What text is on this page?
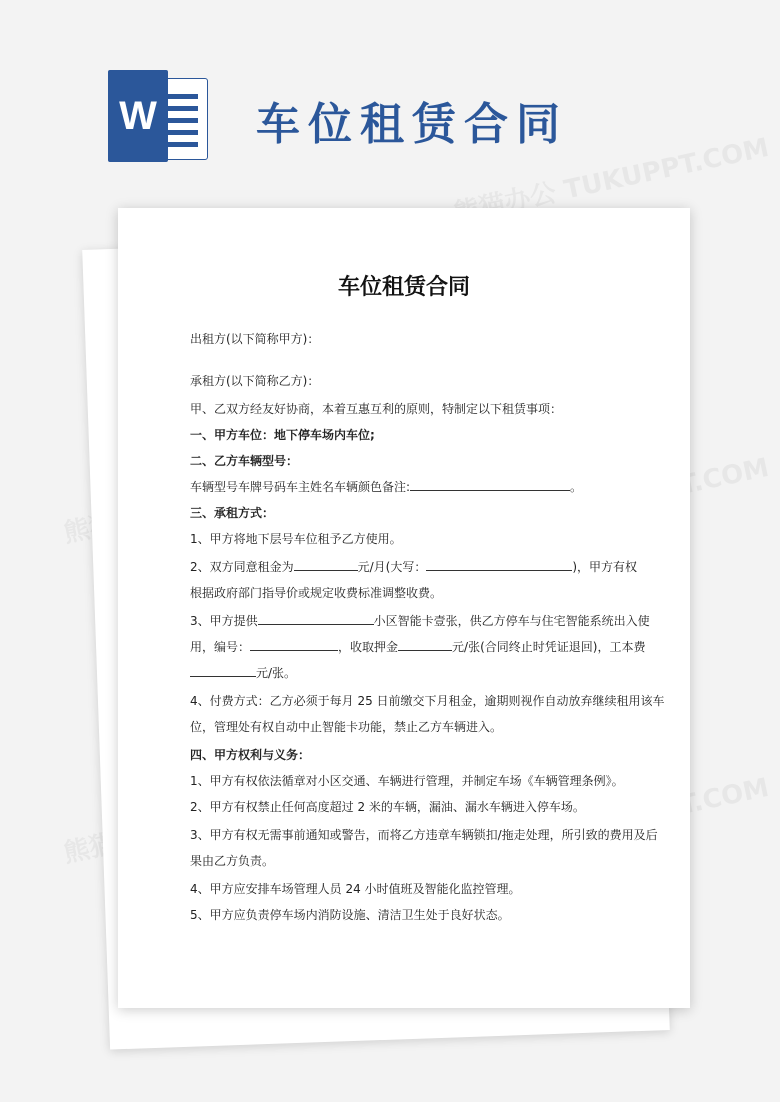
W 车位租赁合同
车位租赁合同
出租方(以下简称甲方)：
承租方(以下简称乙方)：
甲、乙双方经友好协商，本着互惠互利的原则，特制定以下租赁事项：
一、甲方车位：地下停车场内车位;
二、乙方车辆型号：
车辆型号车牌号码车主姓名车辆颜色备注:	。
三、承租方式：
1、甲方将地下层号车位租予乙方使用。
2、双方同意租金为	元/月(大写：	)，甲方有权
根据政府部门指导价或规定收费标准调整收费。
3、甲方提供	小区智能卡壹张，供乙方停车与住宅智能系统出入使
用，编号：	，收取押金	元/张(合同终止时凭证退回)，工本费
元/张。
4、付费方式：乙方必须于每月 25 日前缴交下月租金，逾期则视作自动放弃继续租用该车
位，管理处有权自动中止智能卡功能，禁止乙方车辆进入。
四、甲方权利与义务：
1、甲方有权依法循章对小区交通、车辆进行管理，并制定车场《车辆管理条例》。
2、甲方有权禁止任何高度超过 2 米的车辆，漏油、漏水车辆进入停车场。
3、甲方有权无需事前通知或警告，而将乙方违章车辆锁扣/拖走处理，所引致的费用及后
果由乙方负责。
4、甲方应安排车场管理人员 24 小时值班及智能化监控管理。
5、甲方应负责停车场内消防设施、清洁卫生处于良好状态。
